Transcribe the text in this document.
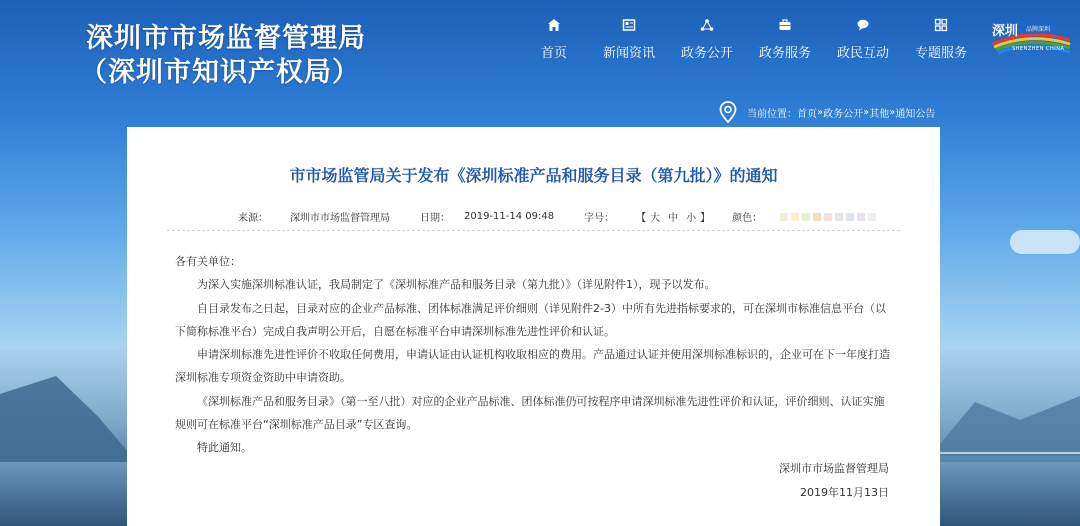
深圳市市场监督管理局
（深圳市知识产权局）
首页	新闻资讯 政务公开 政务服务 政民互动 专题服务
深圳 品牌深圳
SHENZHEN CHINA
当前位置： 首页 » 政务公开 » 其他 » 通知公告
市市场监管局关于发布《深圳标准产品和服务目录（第九批）》的通知
来源： 深圳市市场监督管理局	日期： 2019-11-14 09:48	字号： 【 大 中 小 】 颜色：

各有关单位：

为深入实施深圳标准认证，我局制定了《深圳标准产品和服务目录（第九批）》（详见附件1），现予以发布。

自目录发布之日起，目录对应的企业产品标准、团体标准满足评价细则（详见附件2-3）中所有先进指标要求的，可在深圳市标准信息平台（以下简称标准平台）完成自我声明公开后，自愿在标准平台申请深圳标准先进性评价和认证。

申请深圳标准先进性评价不收取任何费用，申请认证由认证机构收取相应的费用。产品通过认证并使用深圳标准标识的，企业可在下一年度打造深圳标准专项资金资助中申请资助。

《深圳标准产品和服务目录》（第一至八批）对应的企业产品标准、团体标准仍可按程序申请深圳标准先进性评价和认证，评价细则、认证实施规则可在标准平台“深圳标准产品目录”专区查询。

特此通知。

深圳市市场监督管理局
2019年11月13日
